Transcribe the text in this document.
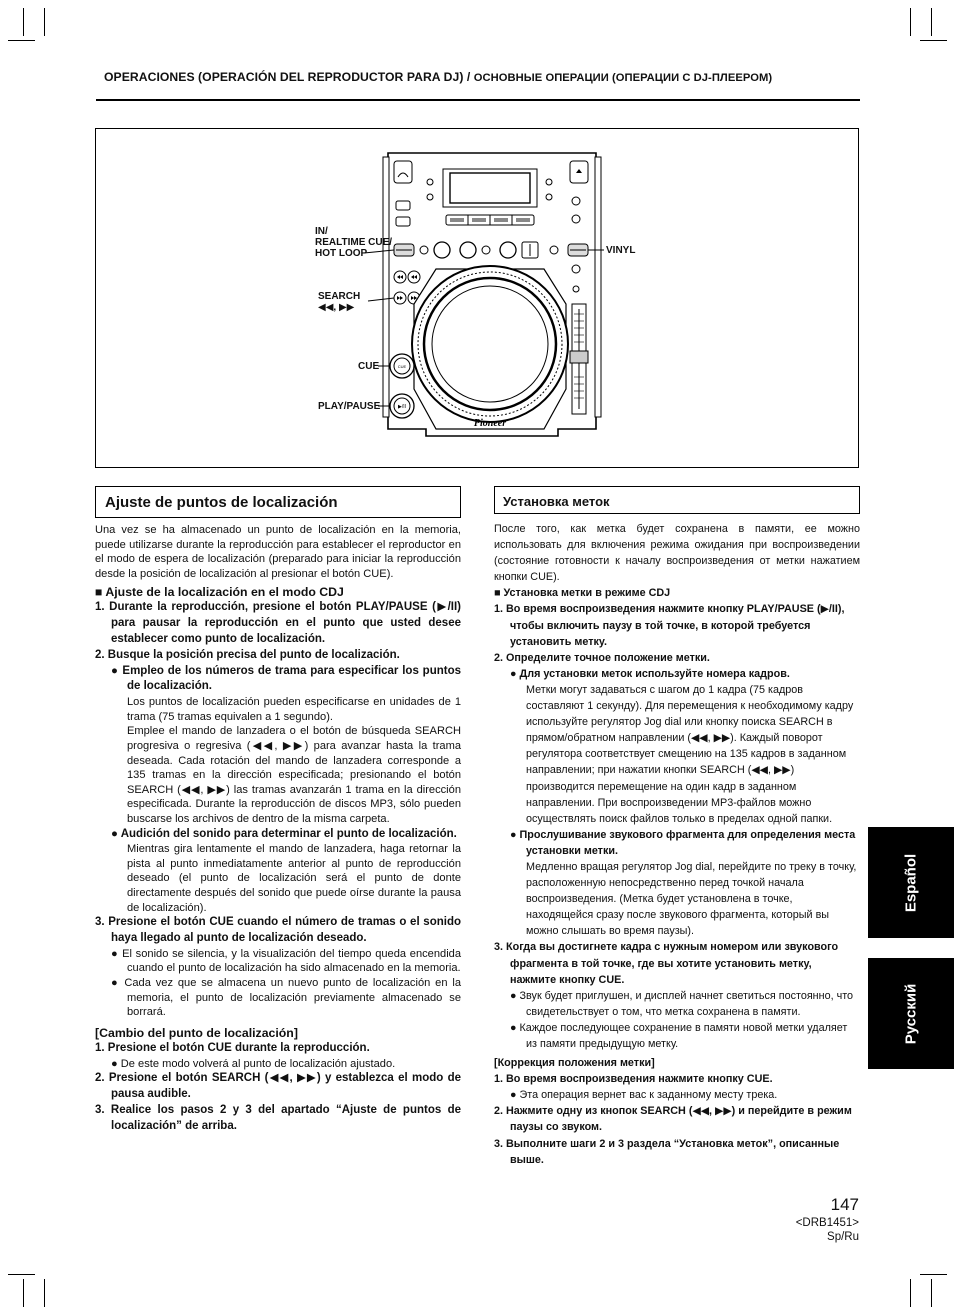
OPERACIONES (OPERACIÓN DEL REPRODUCTOR PARA DJ) / ОСНОВНЫЕ ОПЕРАЦИИ (ОПЕРАЦИИ С DJ-ПЛЕЕРОМ)
CUE
▶/II
Pioneer
IN/
REALTIME CUE/
HOT LOOP	VINYL
SEARCH
◀◀, ▶▶
CUE
PLAY/PAUSE
Ajuste de puntos de localización

Una vez se ha almacenado un punto de localización en la memoria, puede utilizarse durante la reproducción para establecer el reproductor en el modo de espera de localización (preparado para iniciar la reproducción desde la posición de localización al presionar el botón CUE).

■ Ajuste de la localización en el modo CDJ

1. Durante la reproducción, presione el botón PLAY/PAUSE (▶/II) para pausar la reproducción en el punto que usted desee establecer como punto de localización.

2. Busque la posición precisa del punto de localización.

● Empleo de los números de trama para especificar los puntos de localización.

Los puntos de localización pueden especificarse en unidades de 1 trama (75 tramas equivalen a 1 segundo).

Emplee el mando de lanzadera o el botón de búsqueda SEARCH progresiva o regresiva (◀◀, ▶▶) para avanzar hasta la trama deseada. Cada rotación del mando de lanzadera corresponde a 135 tramas en la dirección especificada; presionando el botón SEARCH (◀◀, ▶▶) las tramas avanzarán 1 trama en la dirección especificada. Durante la reproducción de discos MP3, sólo pueden buscarse los archivos de dentro de la misma carpeta.

● Audición del sonido para determinar el punto de localización.

Mientras gira lentamente el mando de lanzadera, haga retornar la pista al punto inmediatamente anterior al punto de reproducción deseado (el punto de localización será el punto de donte directamente después del sonido que puede oírse durante la pausa de localización).

3. Presione el botón CUE cuando el número de tramas o el sonido haya llegado al punto de localización deseado.

● El sonido se silencia, y la visualización del tiempo queda encendida cuando el punto de localización ha sido almacenado en la memoria.

● Cada vez que se almacena un nuevo punto de localización en la memoria, el punto de localización previamente almacenado se borrará.

[Cambio del punto de localización]

1. Presione el botón CUE durante la reproducción.

● De este modo volverá al punto de localización ajustado.

2. Presione el botón SEARCH (◀◀, ▶▶) y establezca el modo de pausa audible.

3. Realice los pasos 2 y 3 del apartado “Ajuste de puntos de localización” de arriba.

Установка меток

После того, как метка будет сохранена в памяти, ее можно использовать для включения режима ожидания при воспроизведении (состояние готовности к началу воспроизведения от метки нажатием кнопки CUE).

■ Установка метки в режиме CDJ

1. Во время воспроизведения нажмите кнопку PLAY/PAUSE (▶/II), чтобы включить паузу в той точке, в которой требуется установить метку.

2. Определите точное положение метки.

● Для установки меток используйте номера кадров.

Метки могут задаваться с шагом до 1 кадра (75 кадров составляют 1 секунду). Для перемещения к необходимому кадру используйте регулятор Jog dial или кнопку поиска SEARCH в прямом/обратном направлении (◀◀, ▶▶). Каждый поворот регулятора соответствует смещению на 135 кадров в заданном направлении; при нажатии кнопки SEARCH (◀◀, ▶▶) производится перемещение на один кадр в заданном направлении. При воспроизведении MP3-файлов можно осуществлять поиск файлов только в пределах одной папки.

● Прослушивание звукового фрагмента для определения места установки метки.

Медленно вращая регулятор Jog dial, перейдите по треку в точку, расположенную непосредственно перед точкой начала воспроизведения. (Метка будет установлена в точке, находящейся сразу после звукового фрагмента, который вы можно слышать во время паузы).

3. Когда вы достигнете кадра с нужным номером или звукового фрагмента в той точке, где вы хотите установить метку, нажмите кнопку CUE.

● Звук будет приглушен, и дисплей начнет светиться постоянно, что свидетельствует о том, что метка сохранена в памяти.

● Каждое последующее сохранение в памяти новой метки удаляет из памяти предыдущую метку.

[Коррекция положения метки]

1. Во время воспроизведения нажмите кнопку CUE.

● Эта операция вернет вас к заданному месту трека.

2. Нажмите одну из кнопок SEARCH (◀◀, ▶▶) и перейдите в режим паузы со звуком.

3. Выполните шаги 2 и 3 раздела “Установка меток”, описанные выше.

Español
Русский
147
<DRB1451>
Sp/Ru
